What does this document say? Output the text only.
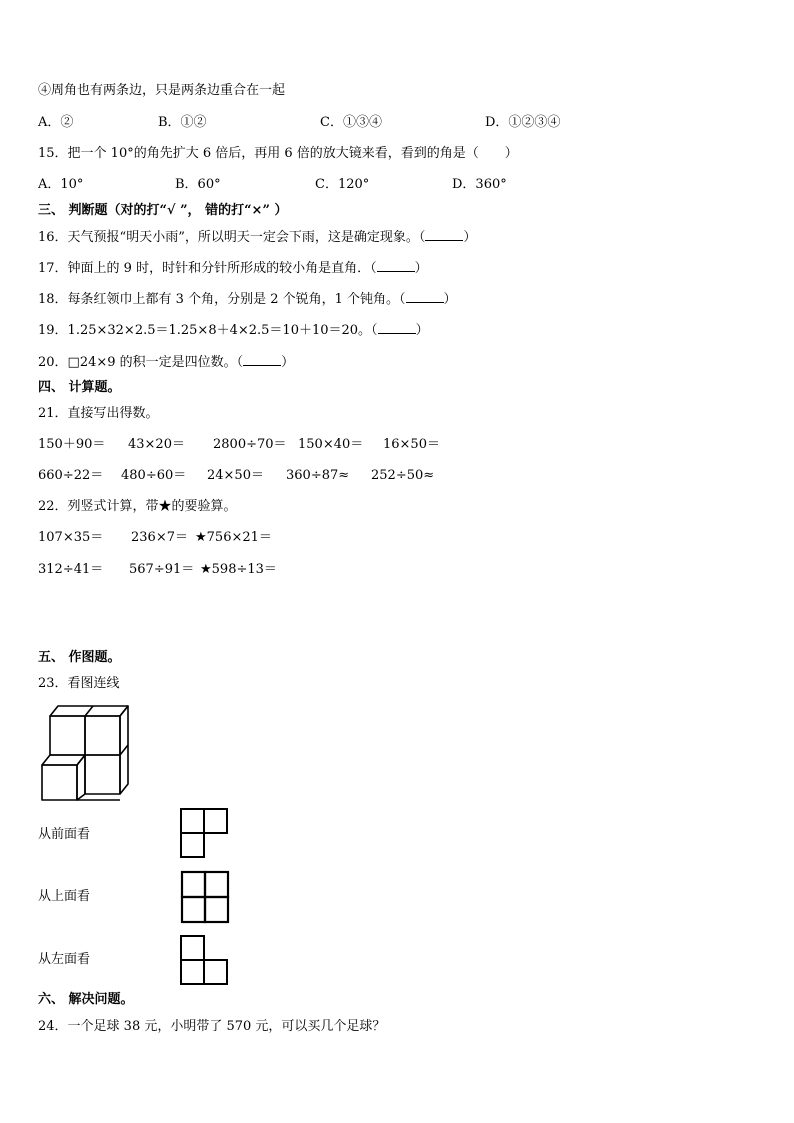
④周角也有两条边，只是两条边重合在一起
A．②	B．①②	C．①③④	D．①②③④
15．把一个 10°的角先扩大 6 倍后，再用 6 倍的放大镜来看，看到的角是（　　）
A．10°	B．60°	C．120°	D．360°
三、 判断题（对的打“√ ”， 错的打“×” ）
16．天气预报“明天小雨”，所以明天一定会下雨，这是确定现象。（	）
17．钟面上的 9 时，时针和分针所形成的较小角是直角．（	）
18．每条红领巾上都有 3 个角，分别是 2 个锐角，1 个钝角。（	）
19．1.25×32×2.5＝1.25×8＋4×2.5＝10＋10＝20。（	）
20．□24×9 的积一定是四位数。（	）
四、 计算题。
21．直接写出得数。
150＋90＝ 43×20＝ 2800÷70＝ 150×40＝ 16×50＝
660÷22＝ 480÷60＝ 24×50＝ 360÷87≈ 252÷50≈
22．列竖式计算，带★的要验算。
107×35＝ 236×7＝ ★756×21＝
312÷41＝ 567÷91＝ ★598÷13＝
五、 作图题。
23．看图连线
从前面看
从上面看
从左面看
六、 解决问题。
24．一个足球 38 元，小明带了 570 元，可以买几个足球？
